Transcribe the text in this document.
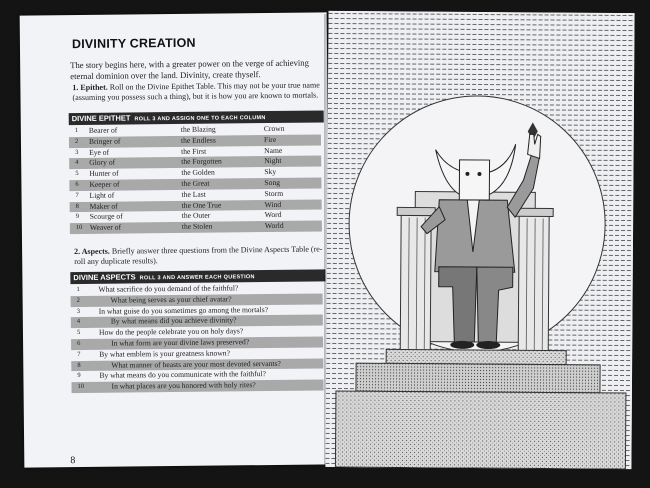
DIVINITY CREATION
The story begins here, with a greater power on the verge of achieving eternal dominion over the land. Divinity, create thyself.
1. Epithet. Roll on the Divine Epithet Table. This may not be your true name (assuming you possess such a thing), but it is how you are known to mortals.
DIVINE EPITHET ROLL 3 AND ASSIGN ONE TO EACH COLUMN
1 Bearer of	the Blazing	Crown
2 Bringer of	the Endless	Fire
3 Eye of	the First	Name
4 Glory of	the Forgotten	Night
5 Hunter of	the Golden	Sky
6 Keeper of	the Great	Song
7 Light of	the Last	Storm
8 Maker of	the One True	Wind
9 Scourge of	the Outer	Word
10 Weaver of	the Stolen	World
2. Aspects. Briefly answer three questions from the Divine Aspects Table (re-roll any duplicate results).
DIVINE ASPECTS ROLL 3 AND ANSWER EACH QUESTION
1 What sacrifice do you demand of the faithful?
2	What being serves as your chief avatar?
3 In what guise do you sometimes go among the mortals?
4	By what means did you achieve divinity?
5 How do the people celebrate you on holy days?
6	In what form are your divine laws preserved?
7 By what emblem is your greatness known?
8	What manner of beasts are your most devoted servants?
9 By what means do you communicate with the faithful?
10	In what places are you honored with holy rites?
8
